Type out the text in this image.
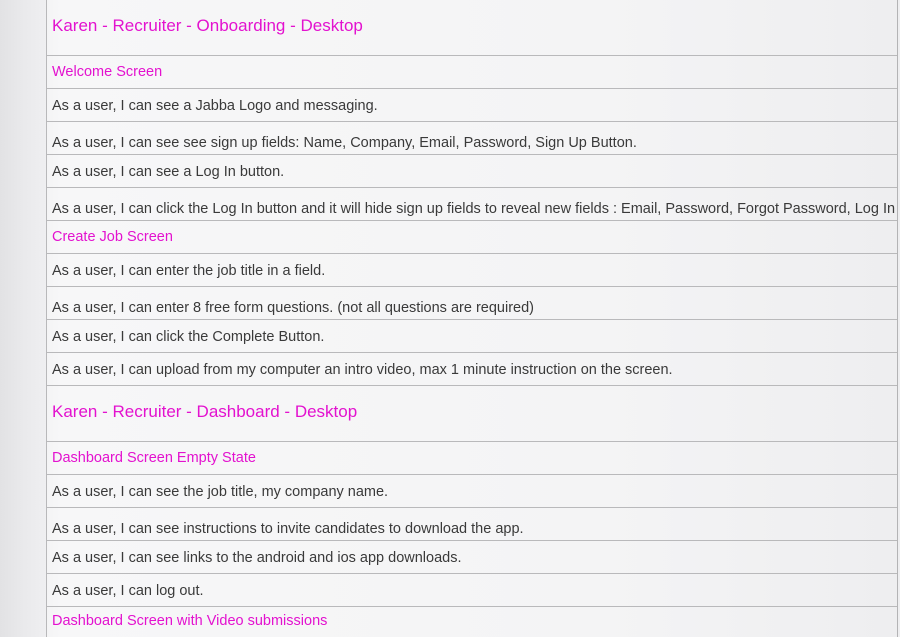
Karen - Recruiter - Onboarding - Desktop
Welcome Screen
As a user, I can see a Jabba Logo and messaging.
As a user, I can see see sign up fields: Name, Company, Email, Password, Sign Up Button.
As a user, I can see a Log In button.
As a user, I can click the Log In button and it will hide sign up fields to reveal new fields : Email, Password, Forgot Password, Log In
Create Job Screen
As a user, I can enter the job title in a field.
As a user, I can enter 8 free form questions. (not all questions are required)
As a user, I can click the Complete Button.
As a user, I can upload from my computer an intro video, max 1 minute instruction on the screen.
Karen - Recruiter - Dashboard - Desktop
Dashboard Screen Empty State
As a user, I can see the job title, my company name.
As a user, I can see instructions to invite candidates to download the app.
As a user, I can see links to the android and ios app downloads.
As a user, I can log out.
Dashboard Screen with Video submissions
